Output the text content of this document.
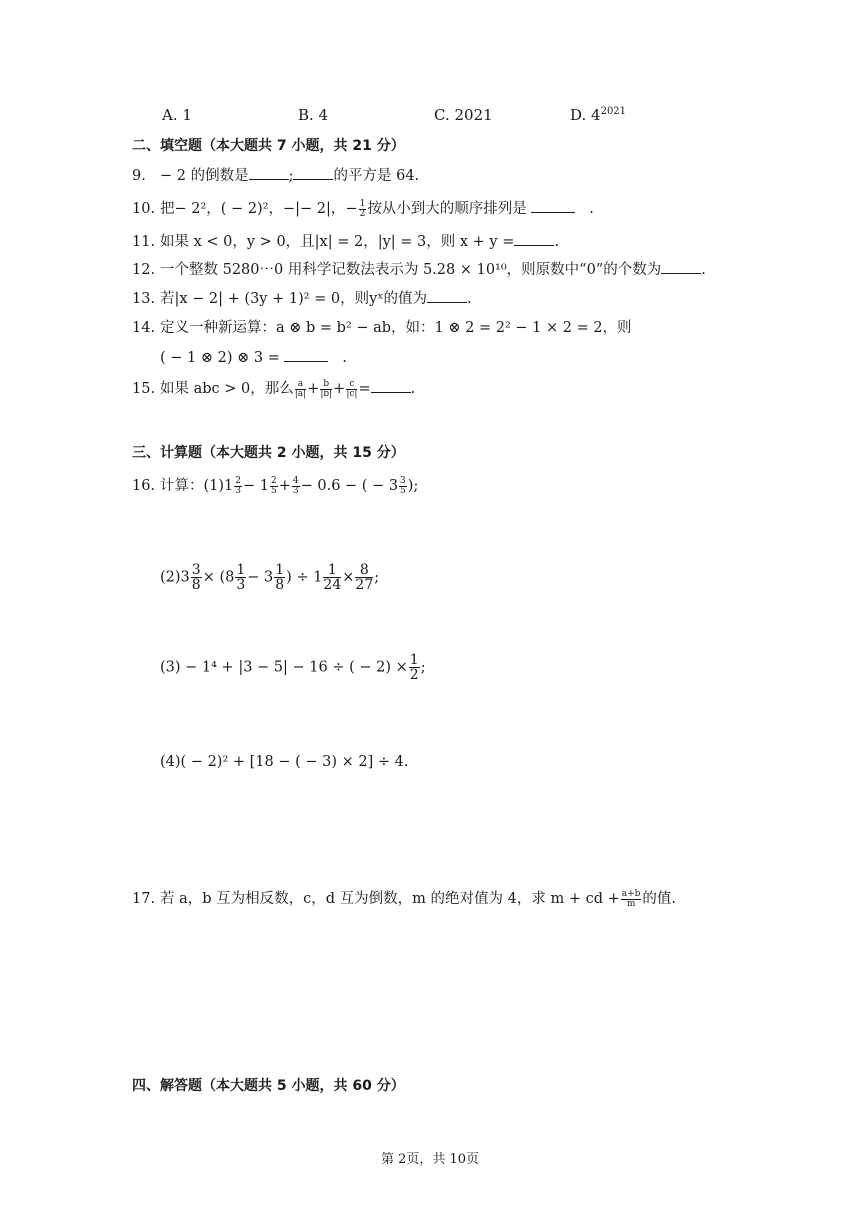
A. 1	B. 4	C. 2021	D. $4^{2021}$
二、填空题（本大题共 7 小题，共 21 分）
9. − 2 的倒数是	;	的平方是 64.
10. 把− 2²，( − 2)²，−|− 2|，− $\frac{1}{2}$ 按从小到大的顺序排列是	.
11. 如果 x < 0，y > 0，且|x| = 2，|y| = 3，则 x + y =	.
12. 一个整数 5280⋯0 用科学记数法表示为 5.28 × 10¹⁰，则原数中“0”的个数为	.
13. 若|x − 2| + (3y + 1)² = 0，则yˣ的值为	.
14. 定义一种新运算：a ⊗ b = b² − ab，如：1 ⊗ 2 = 2² − 1 × 2 = 2，则
( − 1 ⊗ 2) ⊗ 3 =	.
15. 如果 abc > 0，那么 $\frac{a}{|a|} + \frac{b}{|b|} + \frac{c}{|c|}$ =	.
三、计算题（本大题共 2 小题，共 15 分）
16. 计算：$(1)1 \frac{2}{3} - 1 \frac{2}{5} + \frac{4}{3} - 0.6$ − ( − $3 \frac{3}{5}$ );
$(2)3 \frac{3}{8} \times (8 \frac{1}{3} - 3 \frac{1}{8}$ ) ÷ $1 \frac{1}{24} \times \frac{8}{27}$ ;
(3) − 1⁴ + |3 − 5| − 16 ÷ ( − $2) \times \frac{1}{2}$ ;
(4)( − 2)² + [18 − ( − 3) × 2] ÷ 4.
17. 若 a，b 互为相反数，c，d 互为倒数，m 的绝对值为 4，求 m + cd + $\frac{a+b}{m}$ 的值.
四、解答题（本大题共 5 小题，共 60 分）
第 2页，共 10页
